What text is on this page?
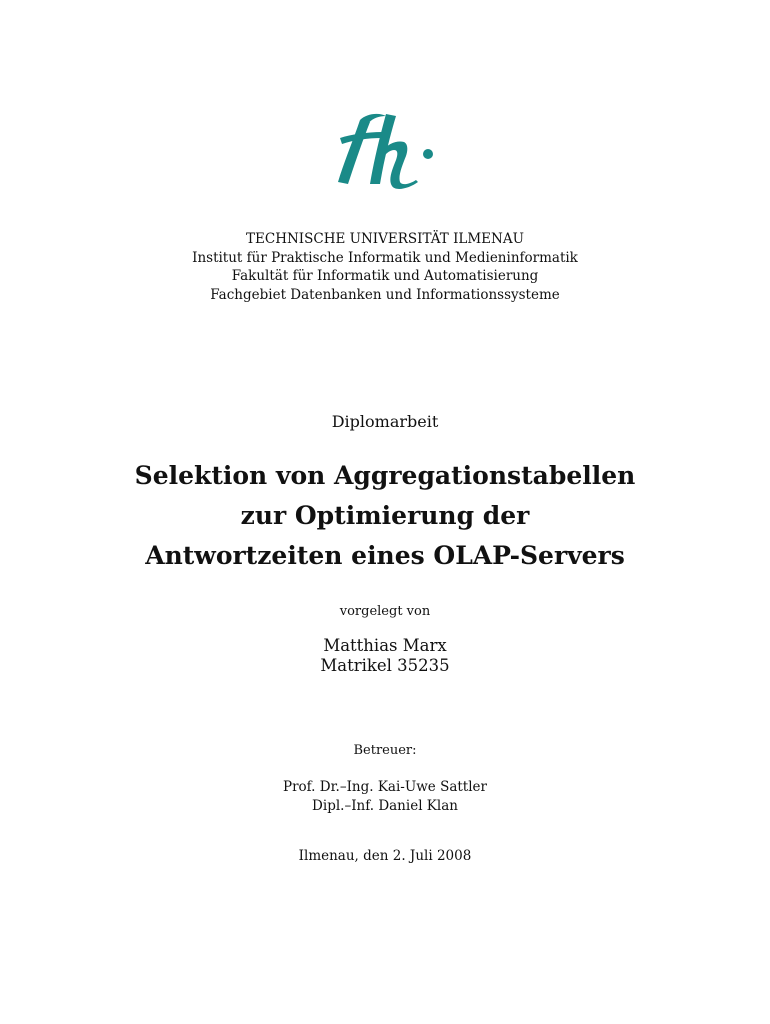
TECHNISCHE UNIVERSITÄT ILMENAU
Institut für Praktische Informatik und Medieninformatik
Fakultät für Informatik und Automatisierung
Fachgebiet Datenbanken und Informationssysteme
Diplomarbeit
Selektion von Aggregationstabellen
zur Optimierung der
Antwortzeiten eines OLAP-Servers
vorgelegt von
Matthias Marx
Matrikel 35235
Betreuer:
Prof. Dr.–Ing. Kai-Uwe Sattler
Dipl.–Inf. Daniel Klan
Ilmenau, den 2. Juli 2008
